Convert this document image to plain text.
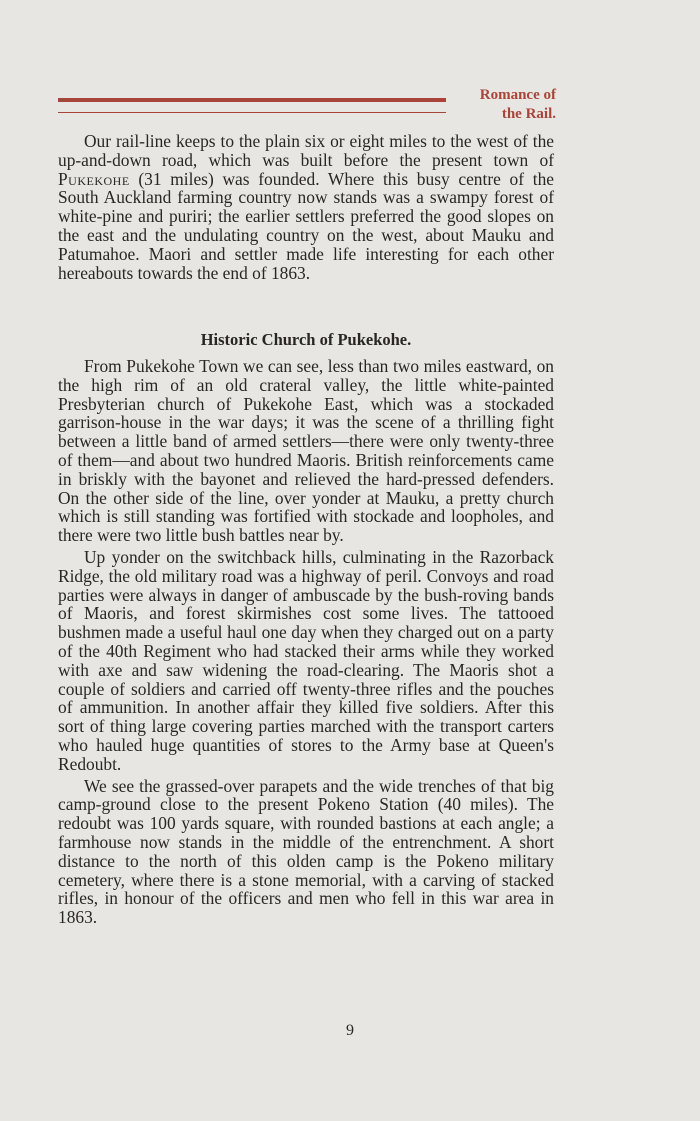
Romance of
the Rail.

Our rail-line keeps to the plain six or eight miles to the west of the up-and-down road, which was built before the present town of Pukekohe (31 miles) was founded. Where this busy centre of the South Auckland farming country now stands was a swampy forest of white-pine and puriri; the earlier settlers preferred the good slopes on the east and the undulating country on the west, about Mauku and Patumahoe. Maori and settler made life interesting for each other hereabouts towards the end of 1863.

Historic Church of Pukekohe.

From Pukekohe Town we can see, less than two miles eastward, on the high rim of an old crateral valley, the little white-painted Presbyterian church of Pukekohe East, which was a stockaded garrison-house in the war days; it was the scene of a thrilling fight between a little band of armed settlers—there were only twenty-three of them—and about two hundred Maoris. British reinforcements came in briskly with the bayonet and relieved the hard-pressed defenders. On the other side of the line, over yonder at Mauku, a pretty church which is still standing was fortified with stockade and loopholes, and there were two little bush battles near by.

Up yonder on the switchback hills, culminating in the Razorback Ridge, the old military road was a highway of peril. Convoys and road parties were always in danger of ambuscade by the bush-roving bands of Maoris, and forest skirmishes cost some lives. The tattooed bushmen made a useful haul one day when they charged out on a party of the 40th Regiment who had stacked their arms while they worked with axe and saw widening the road-clearing. The Maoris shot a couple of soldiers and carried off twenty-three rifles and the pouches of ammunition. In another affair they killed five soldiers. After this sort of thing large covering parties marched with the transport carters who hauled huge quantities of stores to the Army base at Queen's Redoubt.

We see the grassed-over parapets and the wide trenches of that big camp-ground close to the present Pokeno Station (40 miles). The redoubt was 100 yards square, with rounded bastions at each angle; a farmhouse now stands in the middle of the entrenchment. A short distance to the north of this olden camp is the Pokeno military cemetery, where there is a stone memorial, with a carving of stacked rifles, in honour of the officers and men who fell in this war area in 1863.

9
